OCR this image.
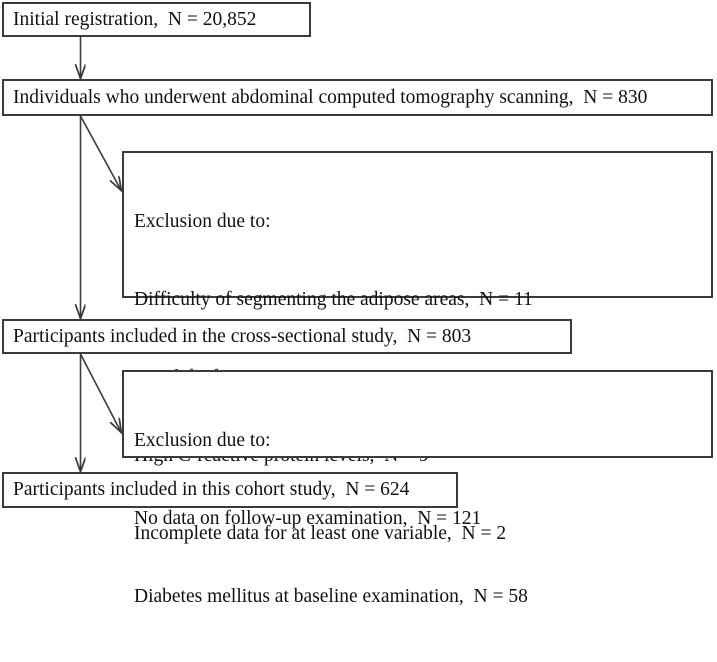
Initial registration,  N = 20,852
Individuals who underwent abdominal computed tomography scanning,  N = 830

Exclusion due to:

Difficulty of segmenting the adipose areas,  N = 11

Incomplete data for at least one variable,  N = 2

Participants included in the cross-sectional study,  N = 803

Exclusion due to:

No data on follow-up examination,  N = 121

Diabetes mellitus at baseline examination,  N = 58

Participants included in this cohort study,  N = 624
